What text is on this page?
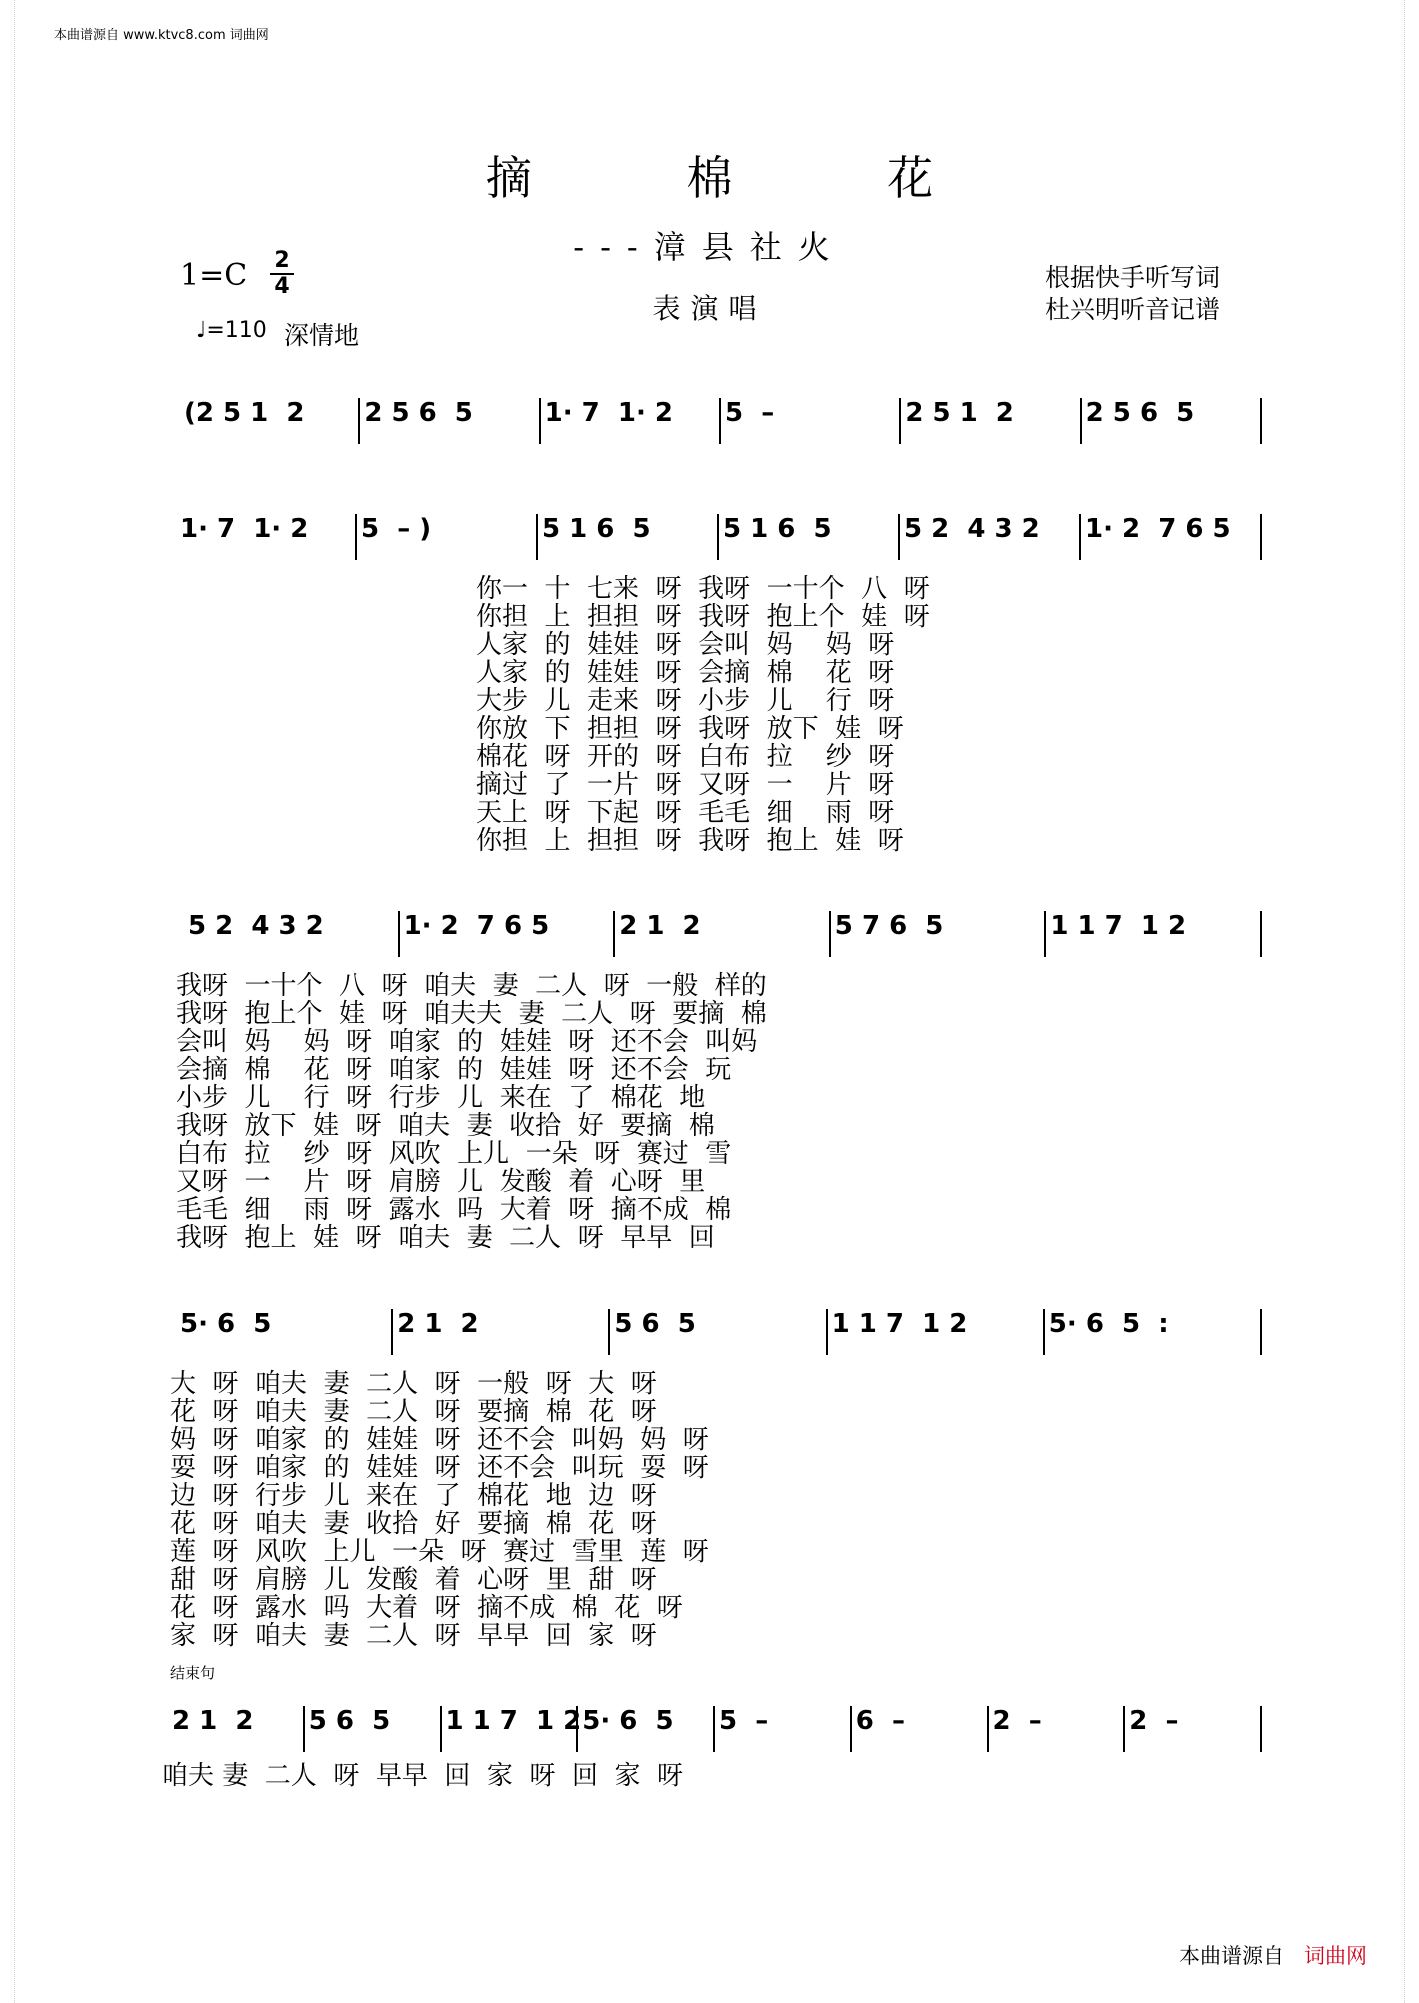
本曲谱源自 www.ktvc8.com 词曲网
摘 棉 花
---漳县社火
表演唱
1=C 2
4
♩=110 深情地
根据快手听写词
杜兴明听音记谱
(2 5 1  2	2 5 6  5	1· 7  1· 2	5  –	2 5 1  2	2 5 6  5
1· 7  1· 2	5  – )	5 1 6  5	5 1 6  5	5 2  4 3 2	1· 2  7 6 5
5 2  4 3 2	1· 2  7 6 5	2 1  2	5 7 6  5	1 1 7  1 2
5· 6  5	2 1  2	5 6  5	1 1 7  1 2	5· 6  5  :
2 1  2	5 6  5	1 1 7  1 2 5· 6  5	5  –	6  –	2  –	2  –
结束句
你一  十  七来  呀  我呀  一十个  八  呀
你担  上  担担  呀  我呀  抱上个  娃  呀
人家  的  娃娃  呀  会叫  妈    妈  呀
人家  的  娃娃  呀  会摘  棉    花  呀
大步  儿  走来  呀  小步  儿    行  呀
你放  下  担担  呀  我呀  放下  娃  呀
棉花  呀  开的  呀  白布  拉    纱  呀
摘过  了  一片  呀  又呀  一    片  呀
天上  呀  下起  呀  毛毛  细    雨  呀
你担  上  担担  呀  我呀  抱上  娃  呀
我呀  一十个  八  呀  咱夫  妻  二人  呀  一般  样的
我呀  抱上个  娃  呀  咱夫夫  妻  二人  呀  要摘  棉
会叫  妈    妈  呀  咱家  的  娃娃  呀  还不会  叫妈
会摘  棉    花  呀  咱家  的  娃娃  呀  还不会  玩
小步  儿    行  呀  行步  儿  来在  了  棉花  地
我呀  放下  娃  呀  咱夫  妻  收拾  好  要摘  棉
白布  拉    纱  呀  风吹  上儿  一朵  呀  赛过  雪
又呀  一    片  呀  肩膀  儿  发酸  着  心呀  里
毛毛  细    雨  呀  露水  吗  大着  呀  摘不成  棉
我呀  抱上  娃  呀  咱夫  妻  二人  呀  早早  回
大  呀  咱夫  妻  二人  呀  一般  呀  大  呀
花  呀  咱夫  妻  二人  呀  要摘  棉  花  呀
妈  呀  咱家  的  娃娃  呀  还不会  叫妈  妈  呀
耍  呀  咱家  的  娃娃  呀  还不会  叫玩  耍  呀
边  呀  行步  儿  来在  了  棉花  地  边  呀
花  呀  咱夫  妻  收拾  好  要摘  棉  花  呀
莲  呀  风吹  上儿  一朵  呀  赛过  雪里  莲  呀
甜  呀  肩膀  儿  发酸  着  心呀  里  甜  呀
花  呀  露水  吗  大着  呀  摘不成  棉  花  呀
家  呀  咱夫  妻  二人  呀  早早  回  家  呀
咱夫 妻  二人  呀  早早  回  家  呀  回  家  呀
本曲谱源自 词曲网
